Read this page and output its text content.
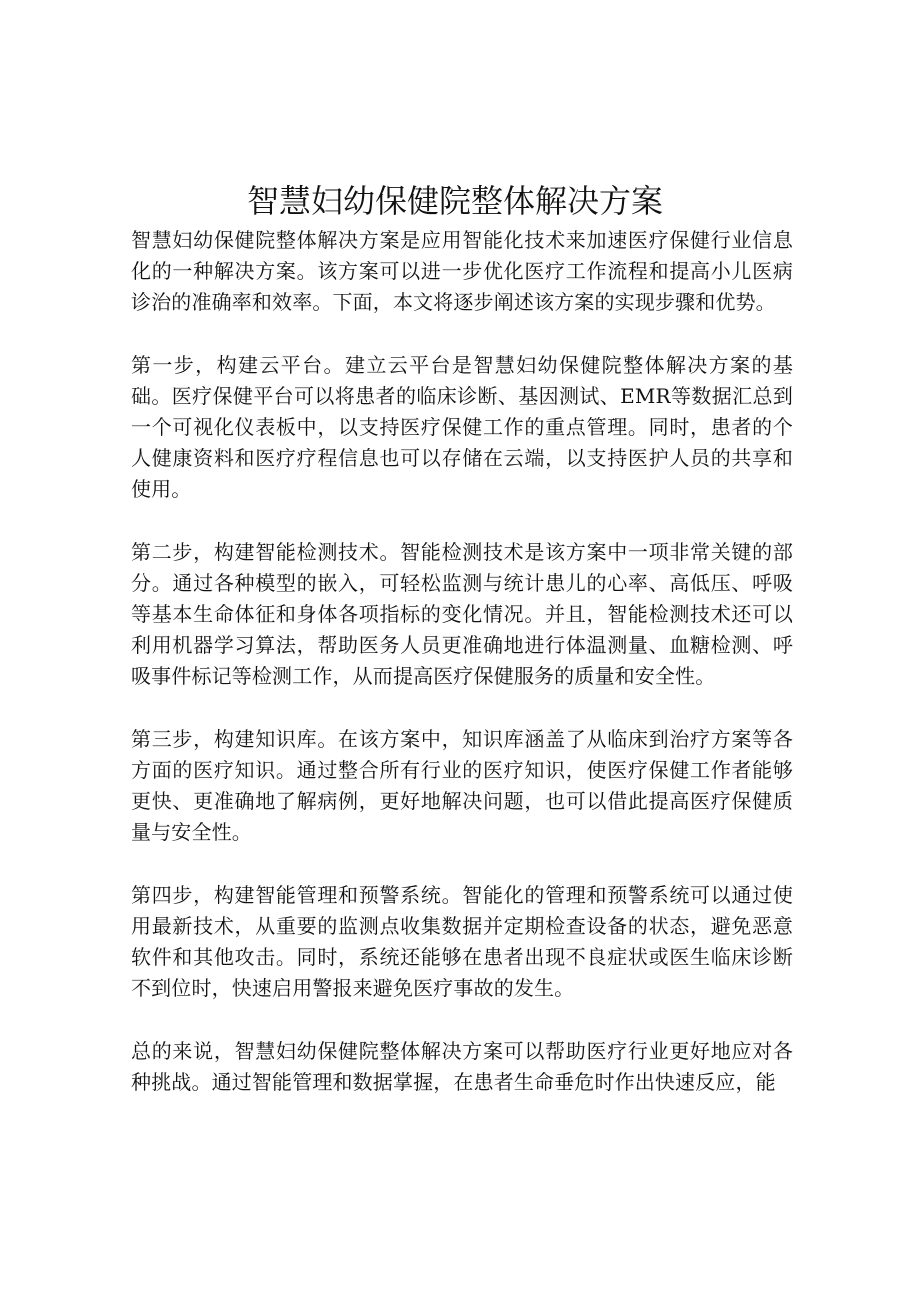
智慧妇幼保健院整体解决方案

智慧妇幼保健院整体解决方案是应用智能化技术来加速医疗保健行业信息化的一种解决方案。该方案可以进一步优化医疗工作流程和提高小儿医病诊治的准确率和效率。下面，本文将逐步阐述该方案的实现步骤和优势。

第一步，构建云平台。建立云平台是智慧妇幼保健院整体解决方案的基础。医疗保健平台可以将患者的临床诊断、基因测试、EMR等数据汇总到一个可视化仪表板中，以支持医疗保健工作的重点管理。同时，患者的个人健康资料和医疗疗程信息也可以存储在云端，以支持医护人员的共享和使用。

第二步，构建智能检测技术。智能检测技术是该方案中一项非常关键的部分。通过各种模型的嵌入，可轻松监测与统计患儿的心率、高低压、呼吸等基本生命体征和身体各项指标的变化情况。并且，智能检测技术还可以利用机器学习算法，帮助医务人员更准确地进行体温测量、血糖检测、呼吸事件标记等检测工作，从而提高医疗保健服务的质量和安全性。

第三步，构建知识库。在该方案中，知识库涵盖了从临床到治疗方案等各方面的医疗知识。通过整合所有行业的医疗知识，使医疗保健工作者能够更快、更准确地了解病例，更好地解决问题，也可以借此提高医疗保健质量与安全性。

第四步，构建智能管理和预警系统。智能化的管理和预警系统可以通过使用最新技术，从重要的监测点收集数据并定期检查设备的状态，避免恶意软件和其他攻击。同时，系统还能够在患者出现不良症状或医生临床诊断不到位时，快速启用警报来避免医疗事故的发生。

总的来说，智慧妇幼保健院整体解决方案可以帮助医疗行业更好地应对各种挑战。通过智能管理和数据掌握，在患者生命垂危时作出快速反应，能
